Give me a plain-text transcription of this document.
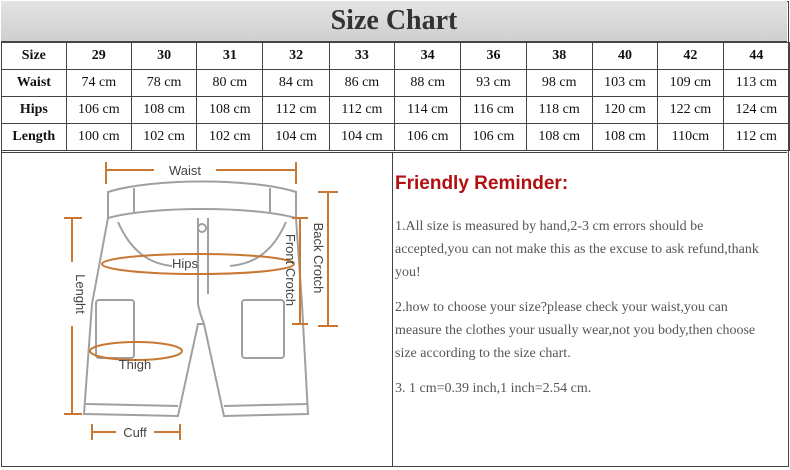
Size Chart
Size	29	30	31	32	33	34	36	38	40	42	44
Waist	74 cm	78 cm	80 cm	84 cm	86 cm	88 cm	93 cm	98 cm	103 cm	109 cm	113 cm
Hips	106 cm	108 cm	108 cm	112 cm	112 cm	114 cm	116 cm	118 cm	120 cm	122 cm	124 cm
Length	100 cm	102 cm	102 cm	104 cm	104 cm	106 cm	106 cm	108 cm	108 cm	110cm	112 cm
Waist
Hips
Thigh
Cuff
Lenght
Back Crotch
Front Crotch
Friendly Reminder:

1.All size is measured by hand,2-3 cm errors should be accepted,you can not make this as the excuse to ask refund,thank you!

2.how to choose your size?please check your waist,you can measure the clothes your usually wear,not you body,then choose size according to the size chart.

3. 1 cm=0.39 inch,1 inch=2.54 cm.
